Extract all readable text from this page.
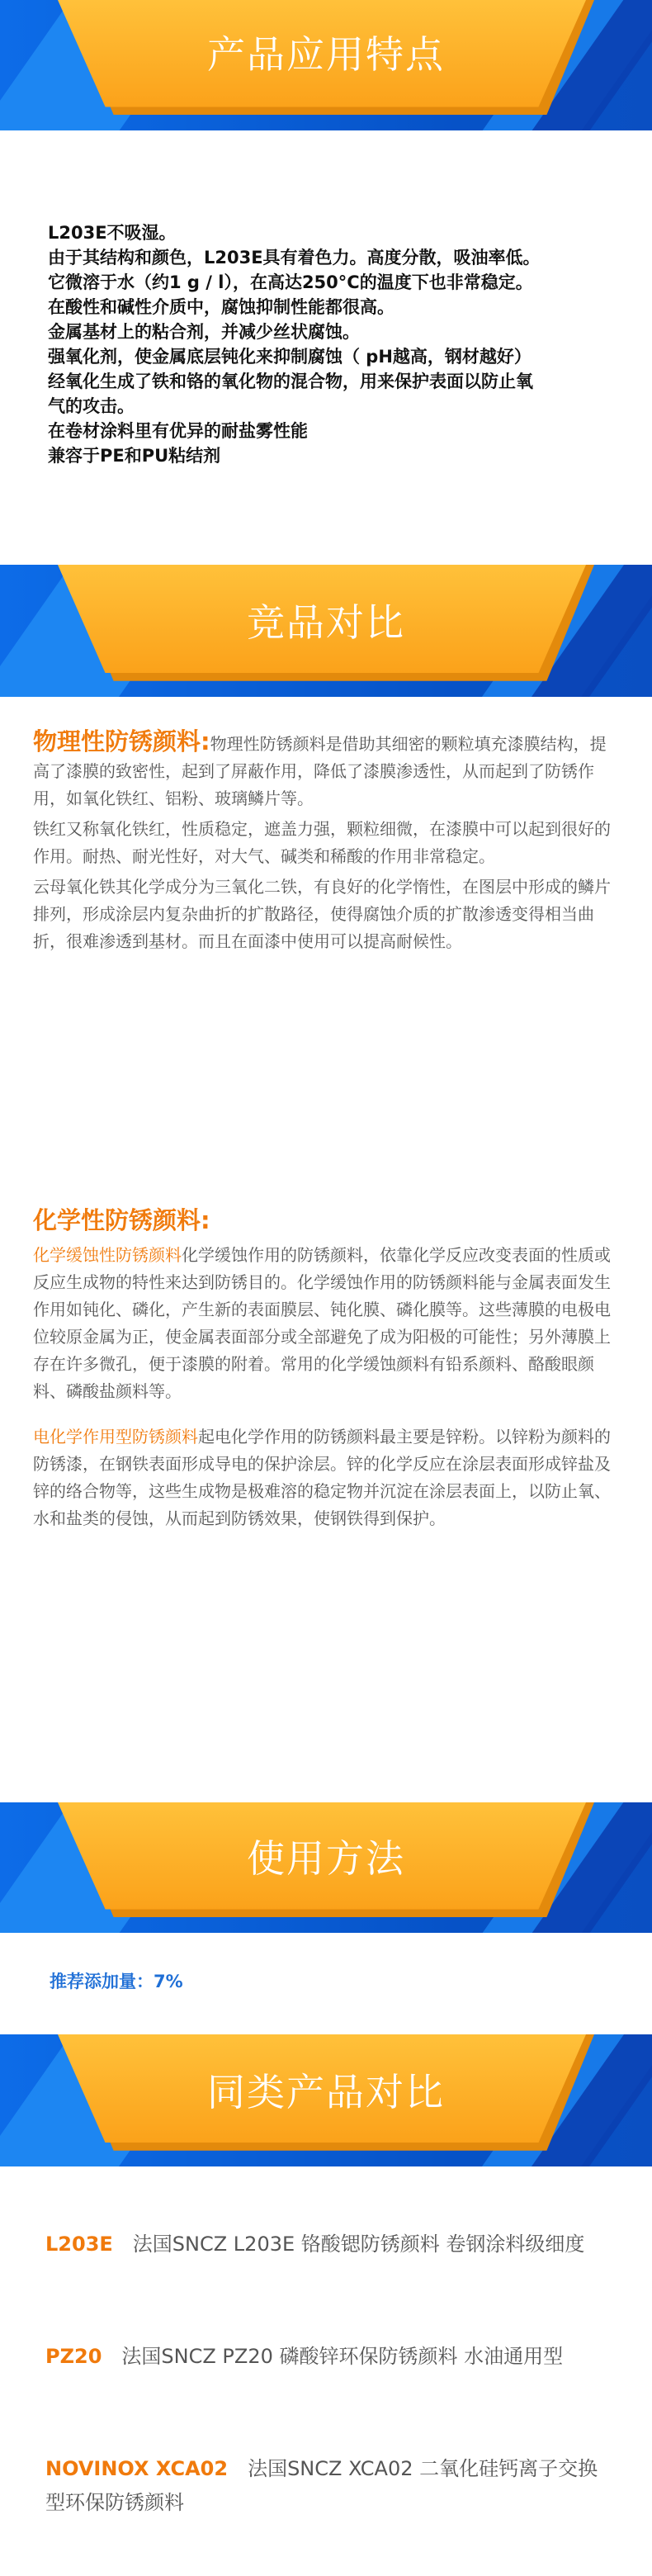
产品应用特点

L203E不吸湿。

由于其结构和颜色，L203E具有着色力。高度分散，吸油率低。

它微溶于水（约1 g / l），在高达250°C的温度下也非常稳定。

在酸性和碱性介质中，腐蚀抑制性能都很高。

金属基材上的粘合剂，并减少丝状腐蚀。

强氧化剂，使金属底层钝化来抑制腐蚀（ pH越高，钢材越好）

经氧化生成了铁和铬的氧化物的混合物，用来保护表面以防止氧

气的攻击。

在卷材涂料里有优异的耐盐雾性能

兼容于PE和PU粘结剂

竞品对比

物理性防锈颜料:物理性防锈颜料是借助其细密的颗粒填充漆膜结构，提高了漆膜的致密性，起到了屏蔽作用，降低了漆膜渗透性，从而起到了防锈作用，如氧化铁红、铝粉、玻璃鳞片等。

铁红又称氧化铁红，性质稳定，遮盖力强，颗粒细微，在漆膜中可以起到很好的作用。耐热、耐光性好，对大气、碱类和稀酸的作用非常稳定。

云母氧化铁其化学成分为三氧化二铁，有良好的化学惰性，在图层中形成的鳞片排列，形成涂层内复杂曲折的扩散路径，使得腐蚀介质的扩散渗透变得相当曲折，很难渗透到基材。而且在面漆中使用可以提高耐候性。

化学性防锈颜料:

化学缓蚀性防锈颜料化学缓蚀作用的防锈颜料，依靠化学反应改变表面的性质或反应生成物的特性来达到防锈目的。化学缓蚀作用的防锈颜料能与金属表面发生作用如钝化、磷化，产生新的表面膜层、钝化膜、磷化膜等。这些薄膜的电极电位较原金属为正，使金属表面部分或全部避免了成为阳极的可能性；另外薄膜上存在许多微孔，便于漆膜的附着。常用的化学缓蚀颜料有铅系颜料、酪酸眼颜料、磷酸盐颜料等。

电化学作用型防锈颜料起电化学作用的防锈颜料最主要是锌粉。以锌粉为颜料的防锈漆，在钢铁表面形成导电的保护涂层。锌的化学反应在涂层表面形成锌盐及锌的络合物等，这些生成物是极难溶的稳定物并沉淀在涂层表面上，以防止氧、水和盐类的侵蚀，从而起到防锈效果，使钢铁得到保护。

使用方法
推荐添加量：7%
同类产品对比
L203E 法国SNCZ L203E 铬酸锶防锈颜料 卷钢涂料级细度
PZ20 法国SNCZ PZ20 磷酸锌环保防锈颜料 水油通用型
NOVINOX XCA02 法国SNCZ XCA02 二氧化硅钙离子交换型环保防锈颜料
